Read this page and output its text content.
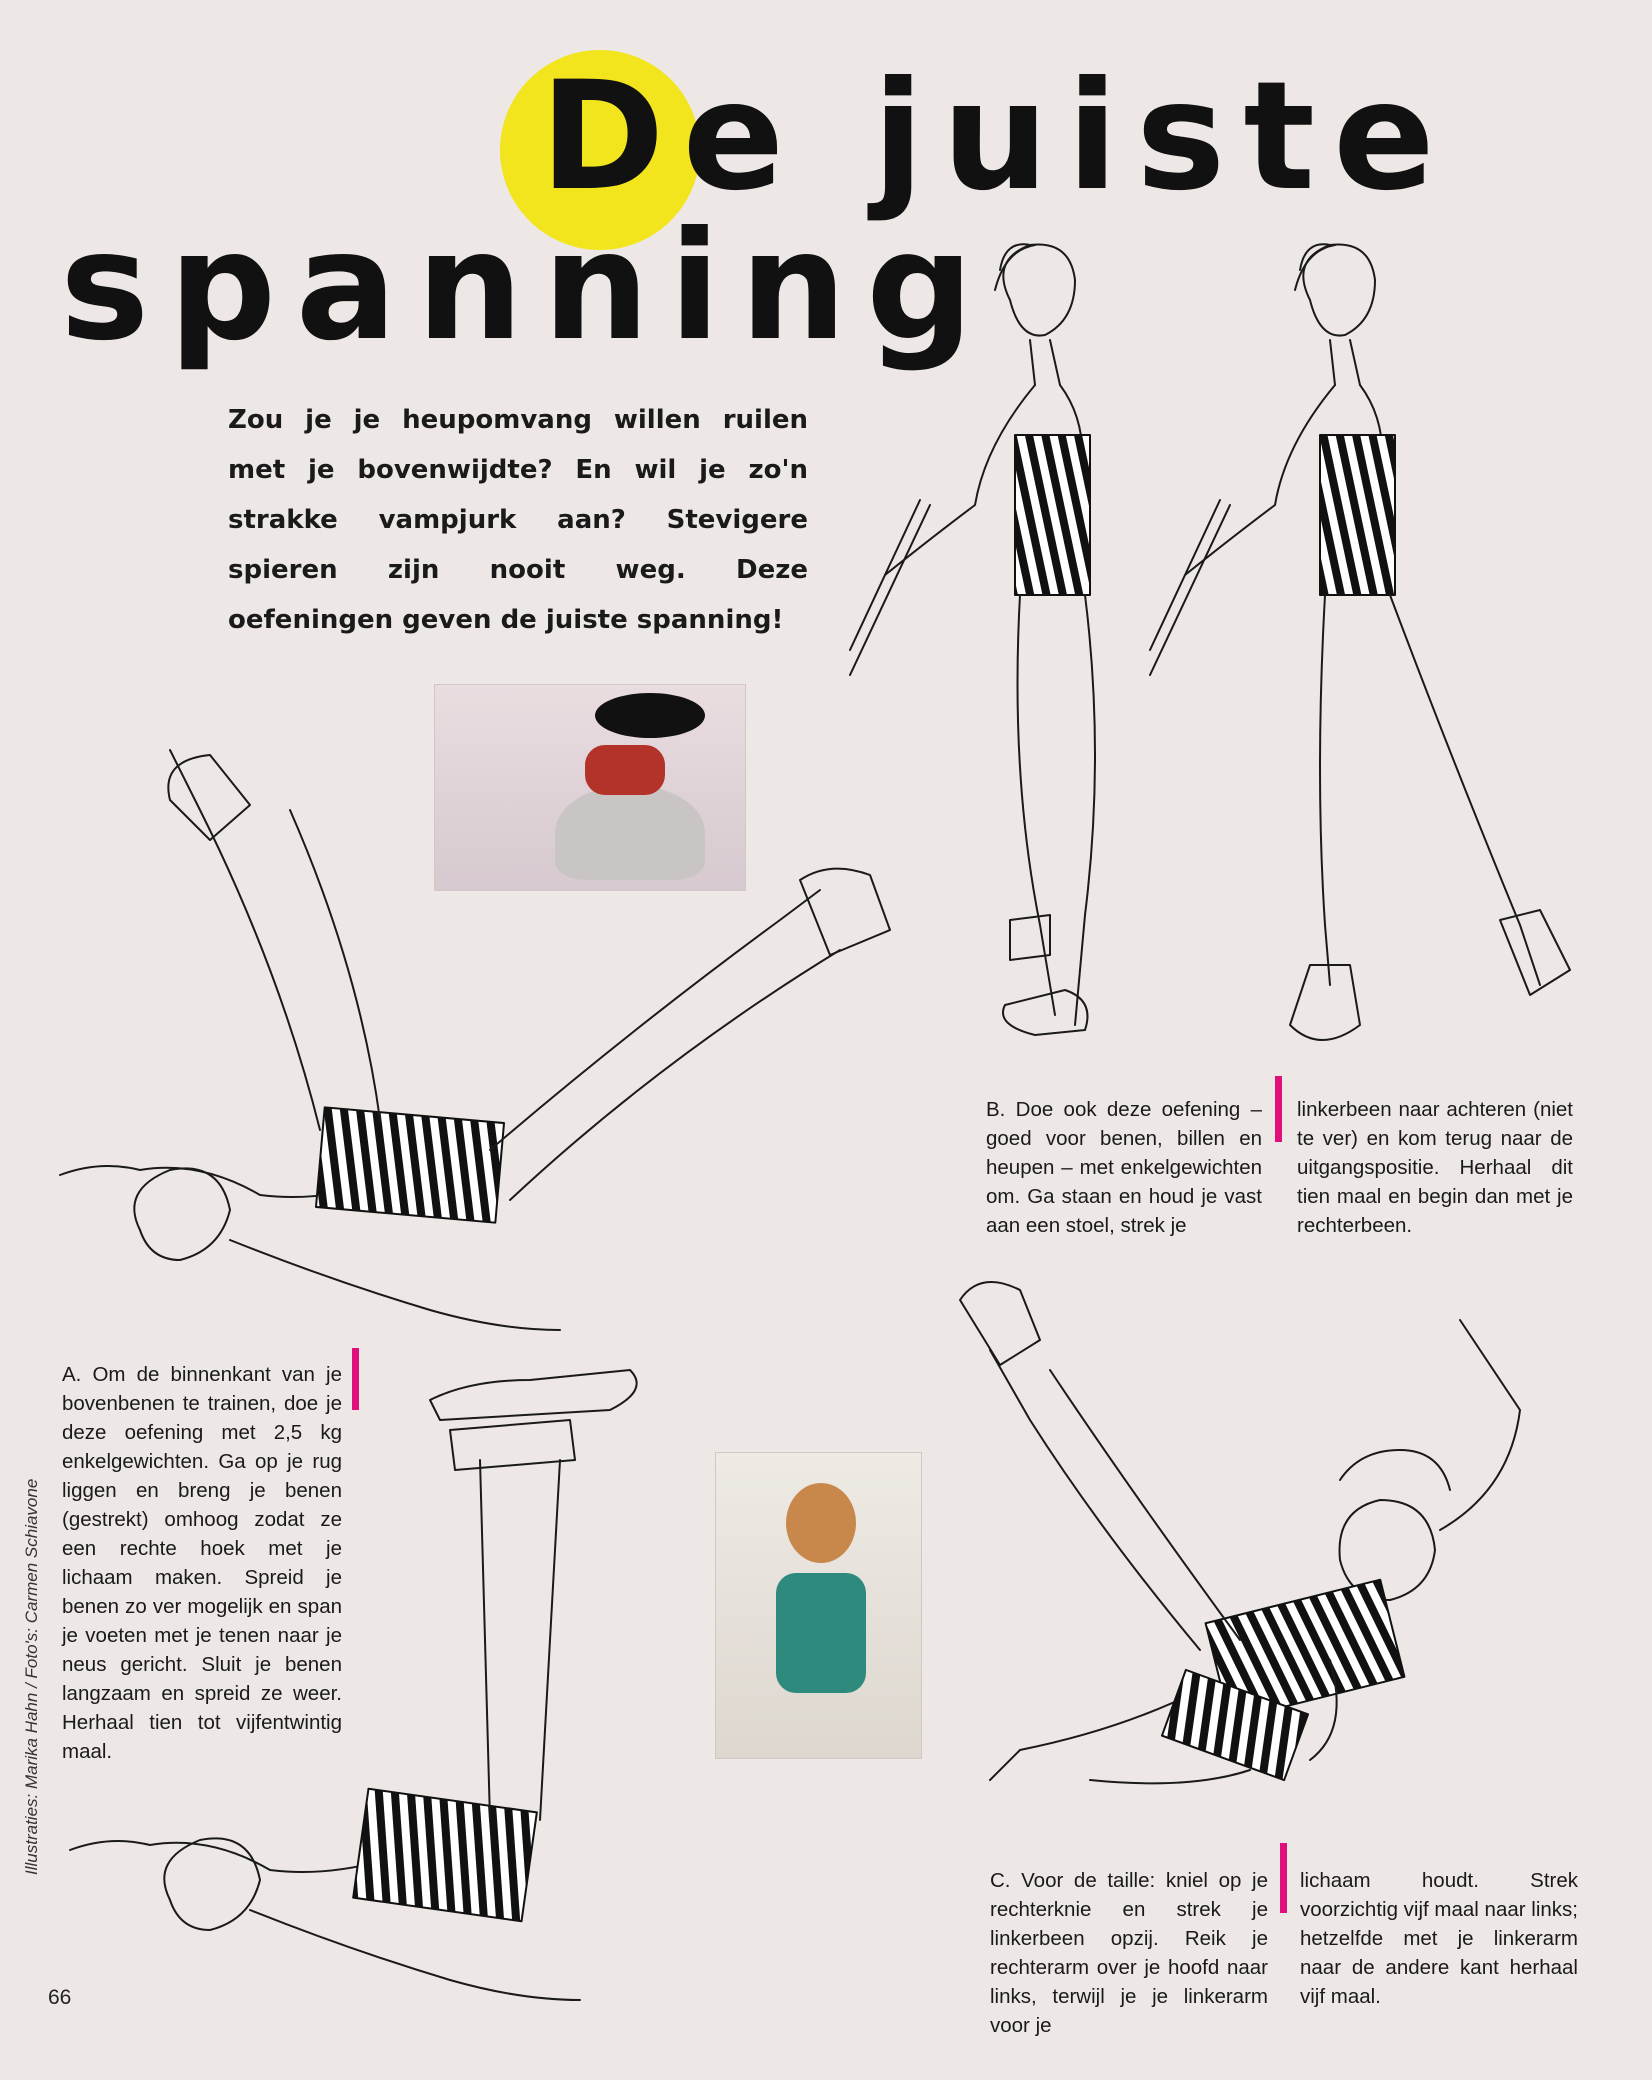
De juiste
spanning
Zou je je heupomvang willen ruilen met je bovenwijdte? En wil je zo'n strakke vampjurk aan? Stevigere spieren zijn nooit weg. Deze oefeningen geven de juiste spanning!
A. Om de binnenkant van je bovenbenen te trainen, doe je deze oefening met 2,5 kg enkelgewichten. Ga op je rug liggen en breng je benen (gestrekt) omhoog zodat ze een rechte hoek met je lichaam maken. Spreid je benen zo ver mogelijk en span je voeten met je tenen naar je neus gericht. Sluit je benen langzaam en spreid ze weer. Herhaal tien tot vijfentwintig maal.
B. Doe ook deze oefening – goed voor benen, billen en heupen – met enkelgewichten om. Ga staan en houd je vast aan een stoel, strek je
linkerbeen naar achteren (niet te ver) en kom terug naar de uitgangspositie. Herhaal dit tien maal en begin dan met je rechterbeen.
C. Voor de taille: kniel op je rechterknie en strek je linkerbeen opzij. Reik je rechterarm over je hoofd naar links, terwijl je je linkerarm voor je
lichaam houdt. Strek voorzichtig vijf maal naar links; hetzelfde met je linkerarm naar de andere kant herhaal vijf maal.
Illustraties: Marika Hahn / Foto's: Carmen Schiavone
66
